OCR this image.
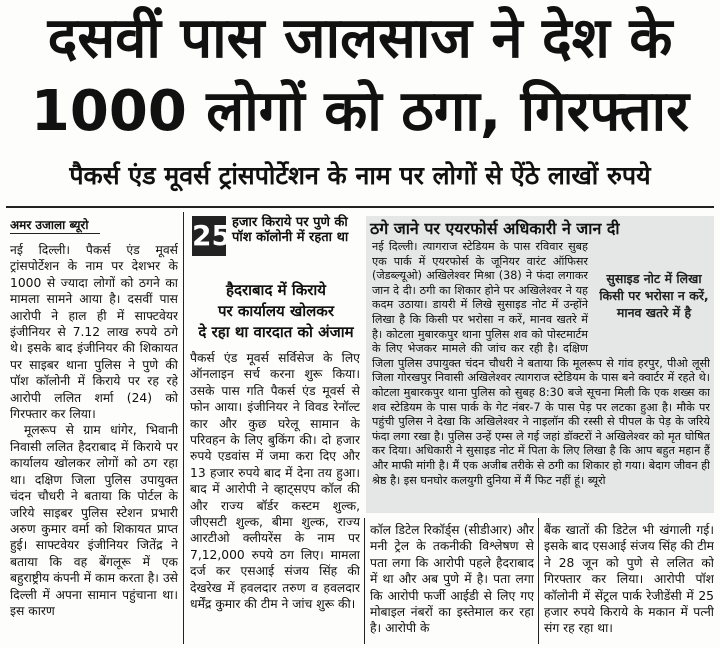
दसवीं पास जालसाज ने देश के
1000 लोगों को ठगा, गिरफ्तार
पैकर्स एंड मूवर्स ट्रांसपोर्टेशन के नाम पर लोगों से ऐंठे लाखों रुपये
अमर उजाला ब्यूरो

नई दिल्ली। पैकर्स एंड मूवर्स ट्रांसपोर्टेशन के नाम पर देशभर के 1000 से ज्यादा लोगों को ठगने का मामला सामने आया है। दसवीं पास आरोपी ने हाल ही में साफ्टवेयर इंजीनियर से 7.12 लाख रुपये ठगे थे। इसके बाद इंजीनियर की शिकायत पर साइबर थाना पुलिस ने पुणे की पॉश कॉलोनी में किराये पर रह रहे आरोपी ललित शर्मा (24) को गिरफ्तार कर लिया।

मूलरूप से ग्राम धांगेर, भिवानी निवासी ललित हैदराबाद में किराये पर कार्यालय खोलकर लोगों को ठग रहा था। दक्षिण जिला पुलिस उपायुक्त चंदन चौधरी ने बताया कि पोर्टल के जरिये साइबर पुलिस स्टेशन प्रभारी अरुण कुमार वर्मा को शिकायत प्राप्त हुई। साफ्टवेयर इंजीनियर जितेंद्र ने बताया कि वह बेंगलूरू में एक बहुराष्ट्रीय कंपनी में काम करता है। उसे दिल्ली में अपना सामान पहुंचाना था। इस कारण

25 हजार किराये पर पुणे की पॉश कॉलोनी में रहता था
हैदराबाद में किराये
पर कार्यालय खोलकर
दे रहा था वारदात को अंजाम
पैकर्स एंड मूवर्स सर्विसेज के लिए ऑनलाइन सर्च करना शुरू किया। उसके पास गति पैकर्स एंड मूवर्स से फोन आया। इंजीनियर ने विवड रेनॉल्ट कार और कुछ घरेलू सामान के परिवहन के लिए बुकिंग की। दो हजार रुपये एडवांस में जमा करा दिए और 13 हजार रुपये बाद में देना तय हुआ। बाद में आरोपी ने व्हाट्सएप कॉल की और राज्य बॉर्डर कस्टम शुल्क, जीएसटी शुल्क, बीमा शुल्क, राज्य आरटीओ क्लीयरेंस के नाम पर 7,12,000 रुपये ठग लिए। मामला दर्ज कर एसआई संजय सिंह की देखरेख में हवलदार तरुण व हवलदार धर्मेंद्र कुमार की टीम ने जांच शुरू की।
ठगे जाने पर एयरफोर्स अधिकारी ने जान दी
सुसाइड नोट में लिखा किसी पर भरोसा न करें, मानव खतरे में है
नई दिल्ली। त्यागराज स्टेडियम के पास रविवार सुबह एक पार्क में एयरफोर्स के जूनियर वारंट ऑफिसर (जेडब्ल्यूओ) अखिलेश्वर मिश्रा (38) ने फंदा लगाकर जान दे दी। ठगी का शिकार होने पर अखिलेश्वर ने यह कदम उठाया। डायरी में लिखे सुसाइड नोट में उन्होंने लिखा है कि किसी पर भरोसा न करें, मानव खतरे में है। कोटला मुबारकपुर थाना पुलिस शव को पोस्टमार्टम के लिए भेजकर मामले की जांच कर रही है। दक्षिण जिला पुलिस उपायुक्त चंदन चौधरी ने बताया कि मूलरूप से गांव हरपुर, पीओ लूसी जिला गोरखपुर निवासी अखिलेश्वर त्यागराज स्टेडियम के पास बने क्वार्टर में रहते थे। कोटला मुबारकपुर थाना पुलिस को सुबह 8:30 बजे सूचना मिली कि एक शख्स का शव स्टेडियम के पास पार्क के गेट नंबर-7 के पास पेड़ पर लटका हुआ है। मौके पर पहुंची पुलिस ने देखा कि अखिलेश्वर ने नाइलॉन की रस्सी से पीपल के पेड़ के जरिये फंदा लगा रखा है। पुलिस उन्हें एम्स ले गई जहां डॉक्टरों ने अखिलेश्वर को मृत घोषित कर दिया। अधिकारी ने सुसाइड नोट में पिता के लिए लिखा है कि आप बहुत महान हैं और माफी मांगी है। मैं एक अजीब तरीके से ठगी का शिकार हो गया। बेदाग जीवन ही श्रेष्ठ है। इस घनघोर कलयुगी दुनिया में मैं फिट नहीं हूं। ब्यूरो
कॉल डिटेल रिकॉर्ड्स (सीडीआर) और मनी ट्रेल के तकनीकी विश्लेषण से पता लगा कि आरोपी पहले हैदराबाद में था और अब पुणे में है। पता लगा कि आरोपी फर्जी आईडी से लिए गए मोबाइल नंबरों का इस्तेमाल कर रहा है। आरोपी के
बैंक खातों की डिटेल भी खंगाली गई। इसके बाद एसआई संजय सिंह की टीम ने 28 जून को पुणे से ललित को गिरफ्तार कर लिया। आरोपी पॉश कॉलोनी में सेंट्रल पार्क रेजीडेंसी में 25 हजार रुपये किराये के मकान में पत्नी संग रह रहा था।
